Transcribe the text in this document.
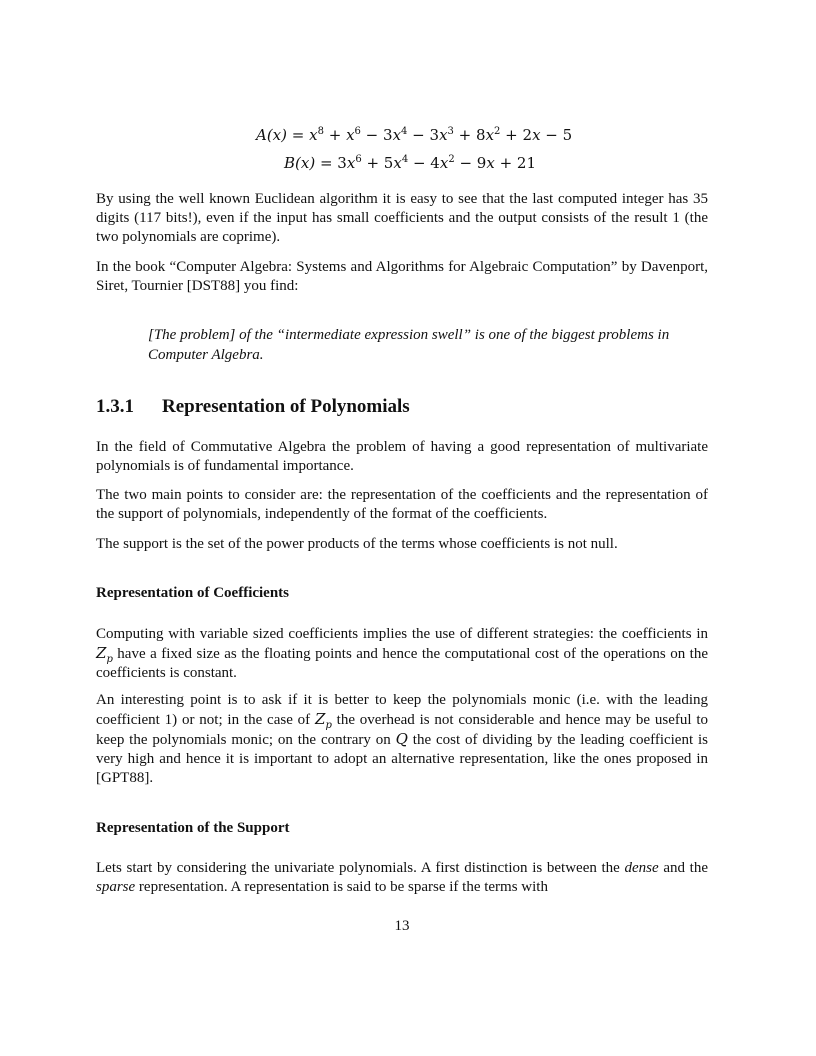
$A(x) = x^8 + x^6 - 3x^4 - 3x^3 + 8x^2 + 2x - 5$
$B(x) = 3x^6 + 5x^4 - 4x^2 - 9x + 21$
By using the well known Euclidean algorithm it is easy to see that the last computed integer has 35 digits (117 bits!), even if the input has small coefficients and the output consists of the result 1 (the two polynomials are coprime).
In the book “Computer Algebra: Systems and Algorithms for Algebraic Computation” by Davenport, Siret, Tournier [DST88] you find:
[The problem] of the “intermediate expression swell” is one of the biggest problems in Computer Algebra.
1.3.1 Representation of Polynomials
In the field of Commutative Algebra the problem of having a good representation of multivariate polynomials is of fundamental importance.
The two main points to consider are: the representation of the coefficients and the representation of the support of polynomials, independently of the format of the coefficients.
The support is the set of the power products of the terms whose coefficients is not null.
Representation of Coefficients
Computing with variable sized coefficients implies the use of different strategies: the coefficients in $Z_p$ have a fixed size as the floating points and hence the computational cost of the operations on the coefficients is constant.
An interesting point is to ask if it is better to keep the polynomials monic (i.e. with the leading coefficient 1) or not; in the case of $Z_p$ the overhead is not considerable and hence may be useful to keep the polynomials monic; on the contrary on Q the cost of dividing by the leading coefficient is very high and hence it is important to adopt an alternative representation, like the ones proposed in [GPT88].
Representation of the Support
Lets start by considering the univariate polynomials. A first distinction is between the dense and the sparse representation. A representation is said to be sparse if the terms with
13
